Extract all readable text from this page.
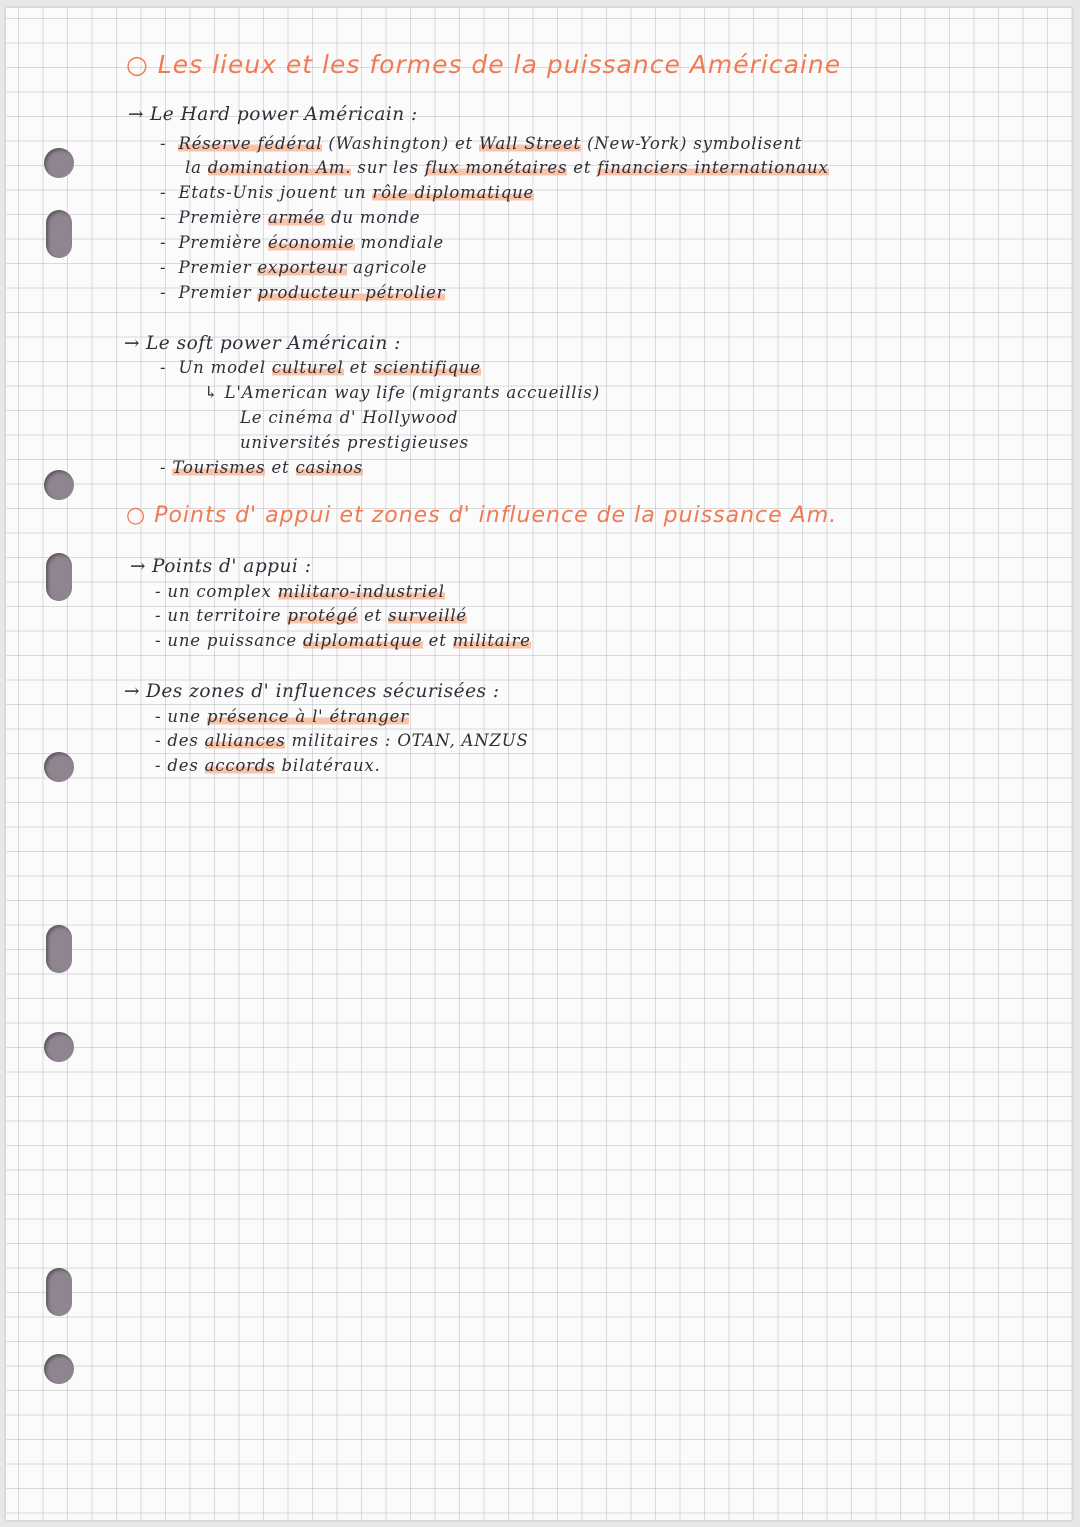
○ Les lieux et les formes de la puissance Américaine
→ Le Hard power Américain :
-  Réserve fédéral (Washington) et Wall Street (New-York) symbolisent
la domination Am. sur les flux monétaires et financiers internationaux
-  Etats-Unis jouent un rôle diplomatique
-  Première armée du monde
-  Première économie mondiale
-  Premier exporteur agricole
-  Premier producteur pétrolier
→ Le soft power Américain :
-  Un model culturel et scientifique
↳ L'American way life (migrants accueillis)
Le cinéma d' Hollywood
universités prestigieuses
- Tourismes et casinos
○ Points d' appui et zones d' influence de la puissance Am.
→ Points d' appui :
- un complex militaro-industriel
- un territoire protégé et surveillé
- une puissance diplomatique et militaire
→ Des zones d' influences sécurisées :
- une présence à l' étranger
- des alliances militaires : OTAN, ANZUS
- des accords bilatéraux.
